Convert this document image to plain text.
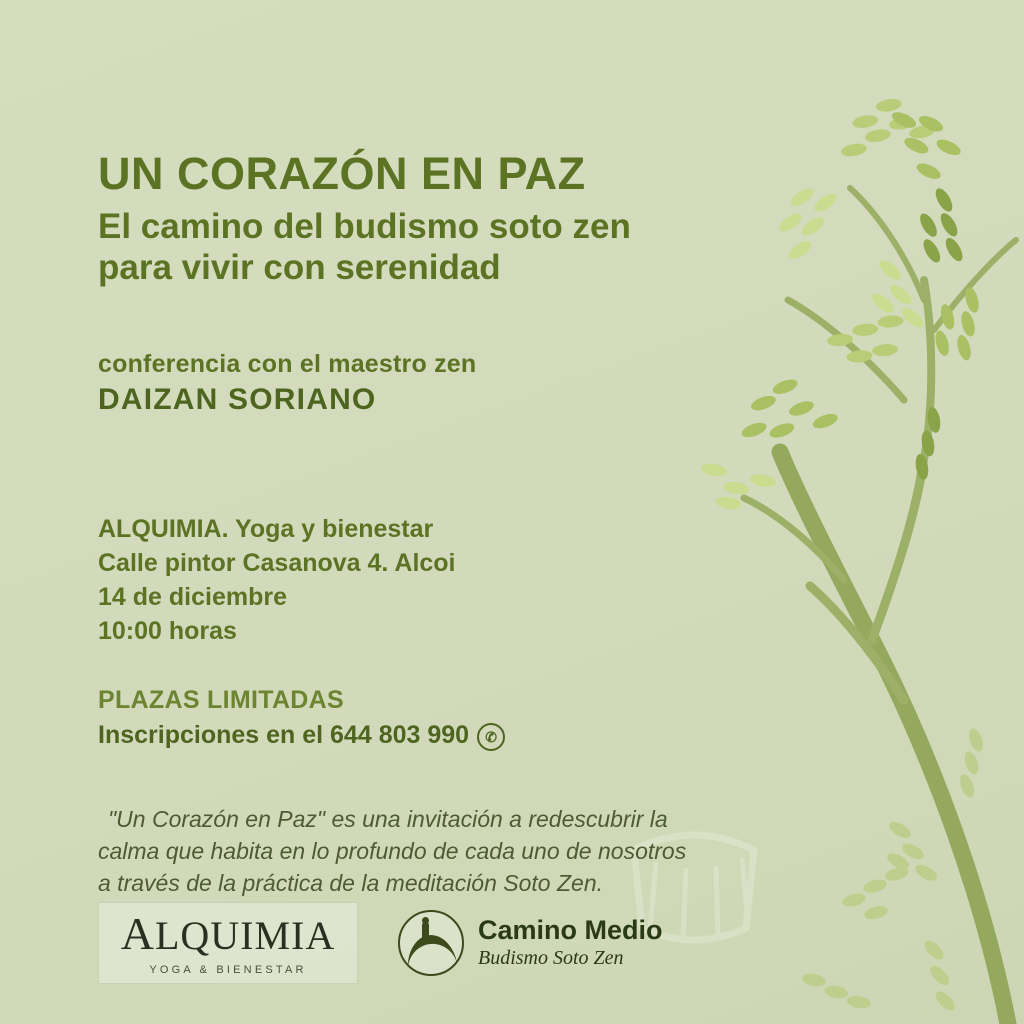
UN CORAZÓN EN PAZ
El camino del budismo soto zen
para vivir con serenidad
conferencia con el maestro zen
DAIZAN SORIANO
ALQUIMIA. Yoga y bienestar
Calle pintor Casanova 4. Alcoi
14 de diciembre
10:00 horas
PLAZAS LIMITADAS
Inscripciones en el 644 803 990	✆
"Un Corazón en Paz" es una invitación a redescubrir la
calma que habita en lo profundo de cada uno de nosotros
a través de la práctica de la meditación Soto Zen.
ALQUIMIA
YOGA & BIENESTAR
Camino Medio
Budismo Soto Zen
